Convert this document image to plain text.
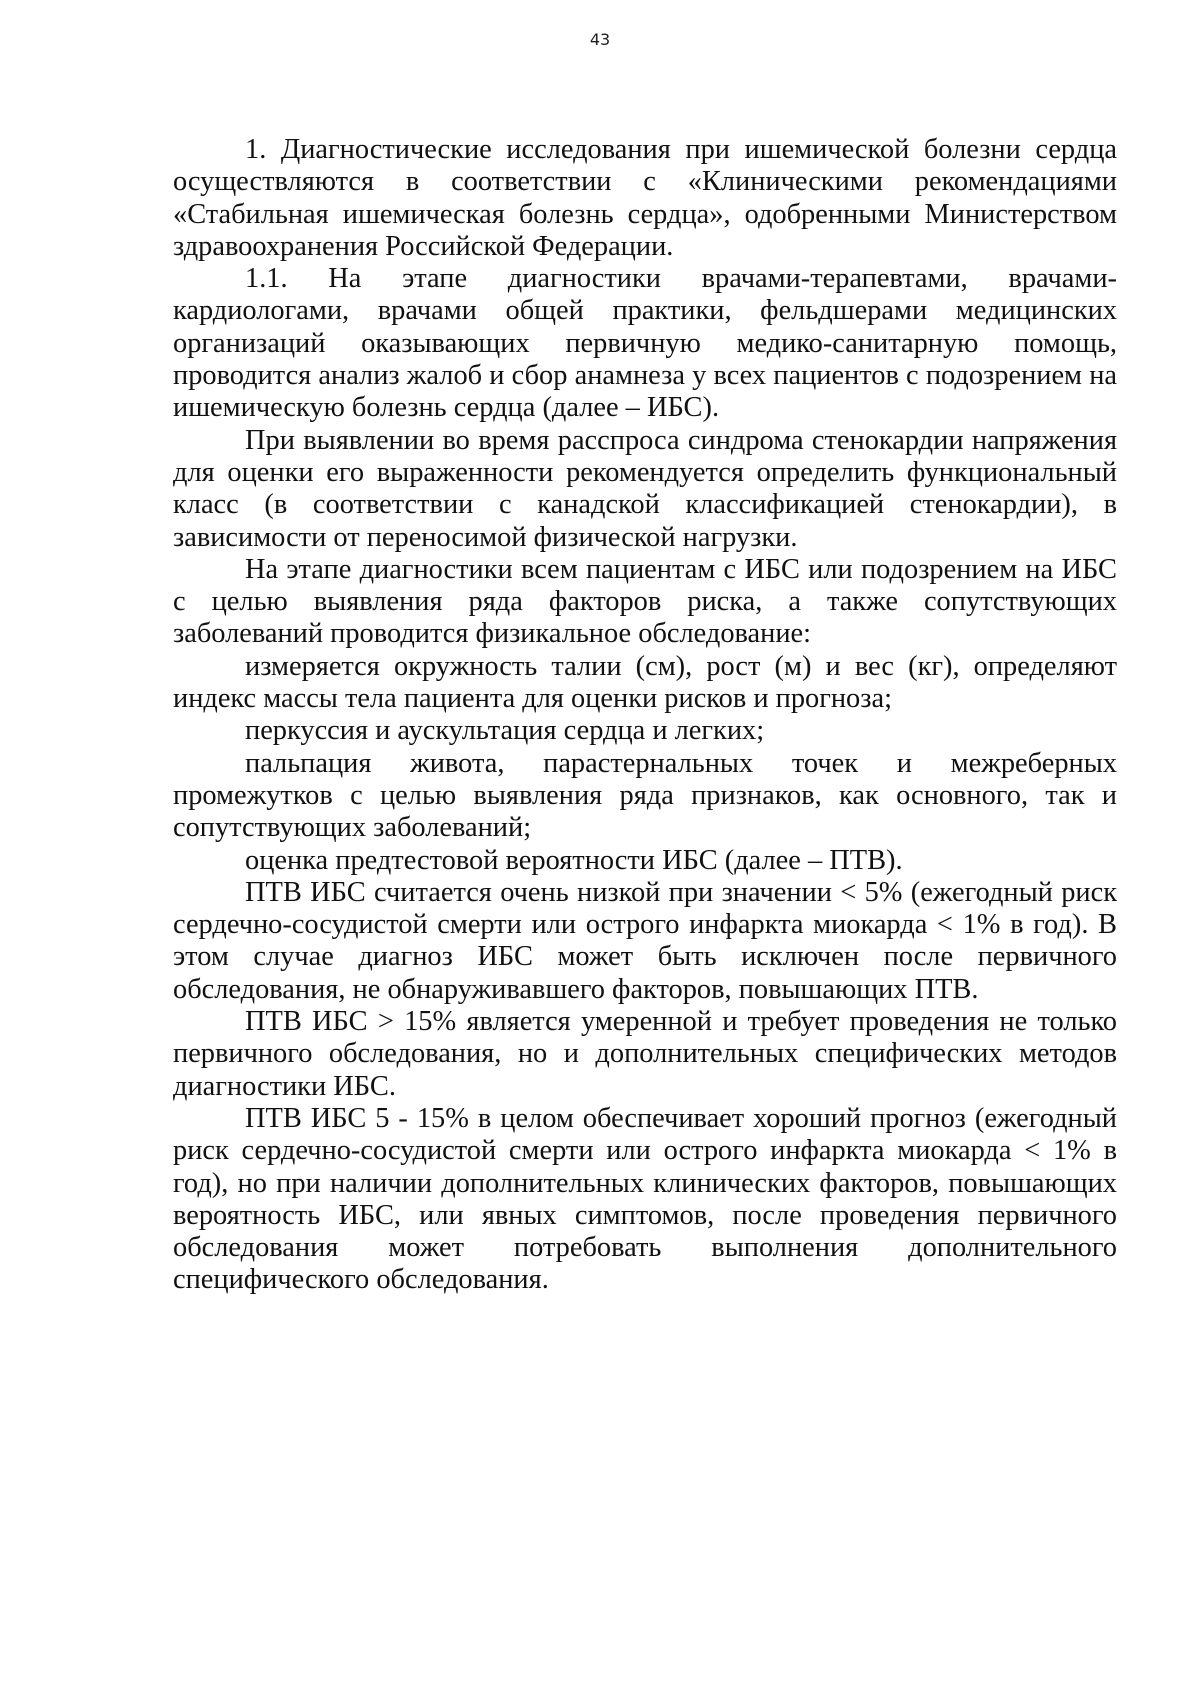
43

1. Диагностические исследования при ишемической болезни сердца осуществляются в соответствии с «Клиническими рекомендациями «Стабильная ишемическая болезнь сердца», одобренными Министерством здравоохранения Российской Федерации.

1.1. На этапе диагностики врачами-терапевтами, врачами-кардиологами, врачами общей практики, фельдшерами медицинских организаций оказывающих первичную медико-санитарную помощь, проводится анализ жалоб и сбор анамнеза у всех пациентов с подозрением на ишемическую болезнь сердца (далее – ИБС).

При выявлении во время расспроса синдрома стенокардии напряжения для оценки его выраженности рекомендуется определить функциональный класс (в соответствии с канадской классификацией стенокардии), в зависимости от переносимой физической нагрузки.

На этапе диагностики всем пациентам с ИБС или подозрением на ИБС с целью выявления ряда факторов риска, а также сопутствующих заболеваний проводится физикальное обследование:

измеряется окружность талии (см), рост (м) и вес (кг), определяют индекс массы тела пациента для оценки рисков и прогноза;

перкуссия и аускультация сердца и легких;

пальпация живота, парастернальных точек и межреберных промежутков с целью выявления ряда признаков, как основного, так и сопутствующих заболеваний;

оценка предтестовой вероятности ИБС (далее – ПТВ).

ПТВ ИБС считается очень низкой при значении < 5% (ежегодный риск сердечно-сосудистой смерти или острого инфаркта миокарда < 1% в год). В этом случае диагноз ИБС может быть исключен после первичного обследования, не обнаруживавшего факторов, повышающих ПТВ.

ПТВ ИБС > 15% является умеренной и требует проведения не только первичного обследования, но и дополнительных специфических методов диагностики ИБС.

ПТВ ИБС 5 - 15% в целом обеспечивает хороший прогноз (ежегодный риск сердечно-сосудистой смерти или острого инфаркта миокарда < 1% в год), но при наличии дополнительных клинических факторов, повышающих вероятность ИБС, или явных симптомов, после проведения первичного обследования может потребовать выполнения дополнительного специфического обследования.
